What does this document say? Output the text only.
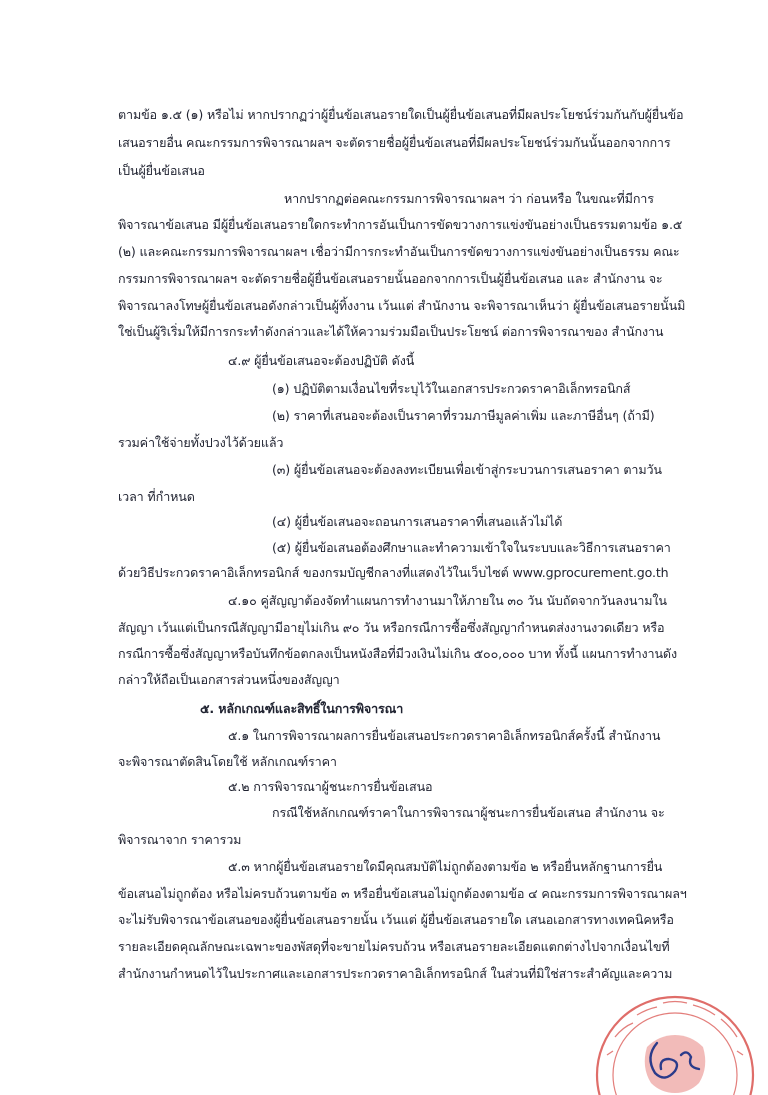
ตามข้อ ๑.๕ (๑) หรือไม่ หากปรากฏว่าผู้ยื่นข้อเสนอรายใดเป็นผู้ยื่นข้อเสนอที่มีผลประโยชน์ร่วมกันกับผู้ยื่นข้อ

เสนอรายอื่น คณะกรรมการพิจารณาผลฯ จะตัดรายชื่อผู้ยื่นข้อเสนอที่มีผลประโยชน์ร่วมกันนั้นออกจากการ

เป็นผู้ยื่นข้อเสนอ

หากปรากฏต่อคณะกรรมการพิจารณาผลฯ ว่า ก่อนหรือ ในขณะที่มีการ

พิจารณาข้อเสนอ มีผู้ยื่นข้อเสนอรายใดกระทำการอันเป็นการขัดขวางการแข่งขันอย่างเป็นธรรมตามข้อ ๑.๕

(๒) และคณะกรรมการพิจารณาผลฯ เชื่อว่ามีการกระทำอันเป็นการขัดขวางการแข่งขันอย่างเป็นธรรม คณะ

กรรมการพิจารณาผลฯ จะตัดรายชื่อผู้ยื่นข้อเสนอรายนั้นออกจากการเป็นผู้ยื่นข้อเสนอ และ สำนักงาน จะ

พิจารณาลงโทษผู้ยื่นข้อเสนอดังกล่าวเป็นผู้ทิ้งงาน เว้นแต่ สำนักงาน จะพิจารณาเห็นว่า ผู้ยื่นข้อเสนอรายนั้นมิ

ใช่เป็นผู้ริเริ่มให้มีการกระทำดังกล่าวและได้ให้ความร่วมมือเป็นประโยชน์ ต่อการพิจารณาของ สำนักงาน

๔.๙ ผู้ยื่นข้อเสนอจะต้องปฏิบัติ ดังนี้

(๑) ปฏิบัติตามเงื่อนไขที่ระบุไว้ในเอกสารประกวดราคาอิเล็กทรอนิกส์

(๒) ราคาที่เสนอจะต้องเป็นราคาที่รวมภาษีมูลค่าเพิ่ม และภาษีอื่นๆ (ถ้ามี)

รวมค่าใช้จ่ายทั้งปวงไว้ด้วยแล้ว

(๓) ผู้ยื่นข้อเสนอจะต้องลงทะเบียนเพื่อเข้าสู่กระบวนการเสนอราคา ตามวัน

เวลา ที่กำหนด

(๔) ผู้ยื่นข้อเสนอจะถอนการเสนอราคาที่เสนอแล้วไม่ได้

(๕) ผู้ยื่นข้อเสนอต้องศึกษาและทำความเข้าใจในระบบและวิธีการเสนอราคา

ด้วยวิธีประกวดราคาอิเล็กทรอนิกส์ ของกรมบัญชีกลางที่แสดงไว้ในเว็บไซต์ www.gprocurement.go.th

๔.๑๐ คู่สัญญาต้องจัดทำแผนการทำงานมาให้ภายใน ๓๐ วัน นับถัดจากวันลงนามใน

สัญญา เว้นแต่เป็นกรณีสัญญามีอายุไม่เกิน ๙๐ วัน หรือกรณีการซื้อซึ่งสัญญากำหนดส่งงานงวดเดียว หรือ

กรณีการซื้อซึ่งสัญญาหรือบันทึกข้อตกลงเป็นหนังสือที่มีวงเงินไม่เกิน ๕๐๐,๐๐๐ บาท ทั้งนี้ แผนการทำงานดัง

กล่าวให้ถือเป็นเอกสารส่วนหนึ่งของสัญญา

๕. หลักเกณฑ์และสิทธิ์ในการพิจารณา

๕.๑ ในการพิจารณาผลการยื่นข้อเสนอประกวดราคาอิเล็กทรอนิกส์ครั้งนี้ สำนักงาน

จะพิจารณาตัดสินโดยใช้ หลักเกณฑ์ราคา

๕.๒ การพิจารณาผู้ชนะการยื่นข้อเสนอ

กรณีใช้หลักเกณฑ์ราคาในการพิจารณาผู้ชนะการยื่นข้อเสนอ สำนักงาน จะ

พิจารณาจาก ราคารวม

๕.๓ หากผู้ยื่นข้อเสนอรายใดมีคุณสมบัติไม่ถูกต้องตามข้อ ๒ หรือยื่นหลักฐานการยื่น

ข้อเสนอไม่ถูกต้อง หรือไม่ครบถ้วนตามข้อ ๓ หรือยื่นข้อเสนอไม่ถูกต้องตามข้อ ๔ คณะกรรมการพิจารณาผลฯ

จะไม่รับพิจารณาข้อเสนอของผู้ยื่นข้อเสนอรายนั้น เว้นแต่ ผู้ยื่นข้อเสนอรายใด เสนอเอกสารทางเทคนิคหรือ

รายละเอียดคุณลักษณะเฉพาะของพัสดุที่จะขายไม่ครบถ้วน หรือเสนอรายละเอียดแตกต่างไปจากเงื่อนไขที่

สำนักงานกำหนดไว้ในประกาศและเอกสารประกวดราคาอิเล็กทรอนิกส์ ในส่วนที่มิใช่สาระสำคัญและความ
